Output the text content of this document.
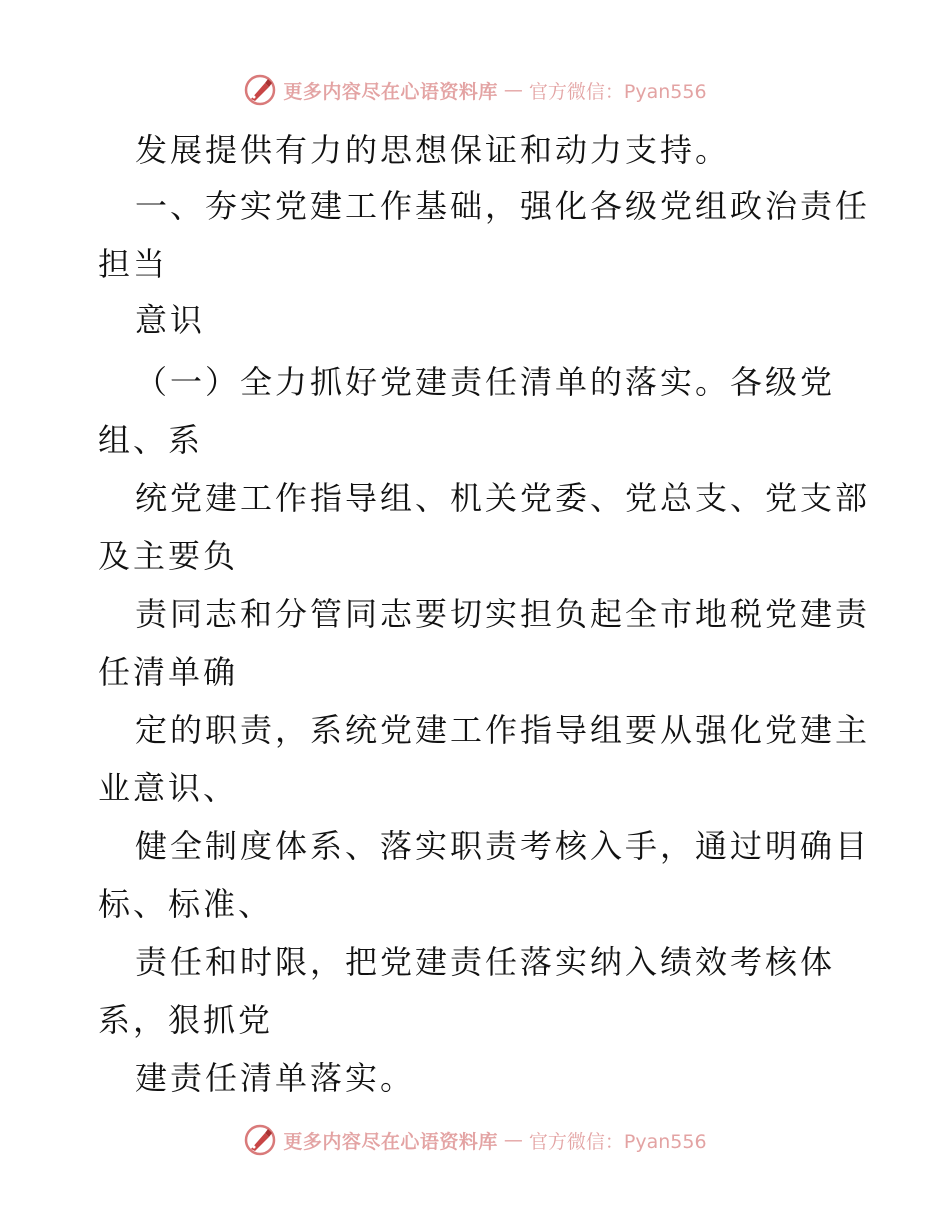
更多内容尽在心语资料库 — 官方微信：Pyan556
发展提供有力的思想保证和动力支持。
一、夯实党建工作基础，强化各级党组政治责任
担当
意识
（一）全力抓好党建责任清单的落实。各级党
组、系
统党建工作指导组、机关党委、党总支、党支部
及主要负
责同志和分管同志要切实担负起全市地税党建责
任清单确
定的职责，系统党建工作指导组要从强化党建主
业意识、
健全制度体系、落实职责考核入手，通过明确目
标、标准、
责任和时限，把党建责任落实纳入绩效考核体
系，狠抓党
建责任清单落实。
更多内容尽在心语资料库 — 官方微信：Pyan556
